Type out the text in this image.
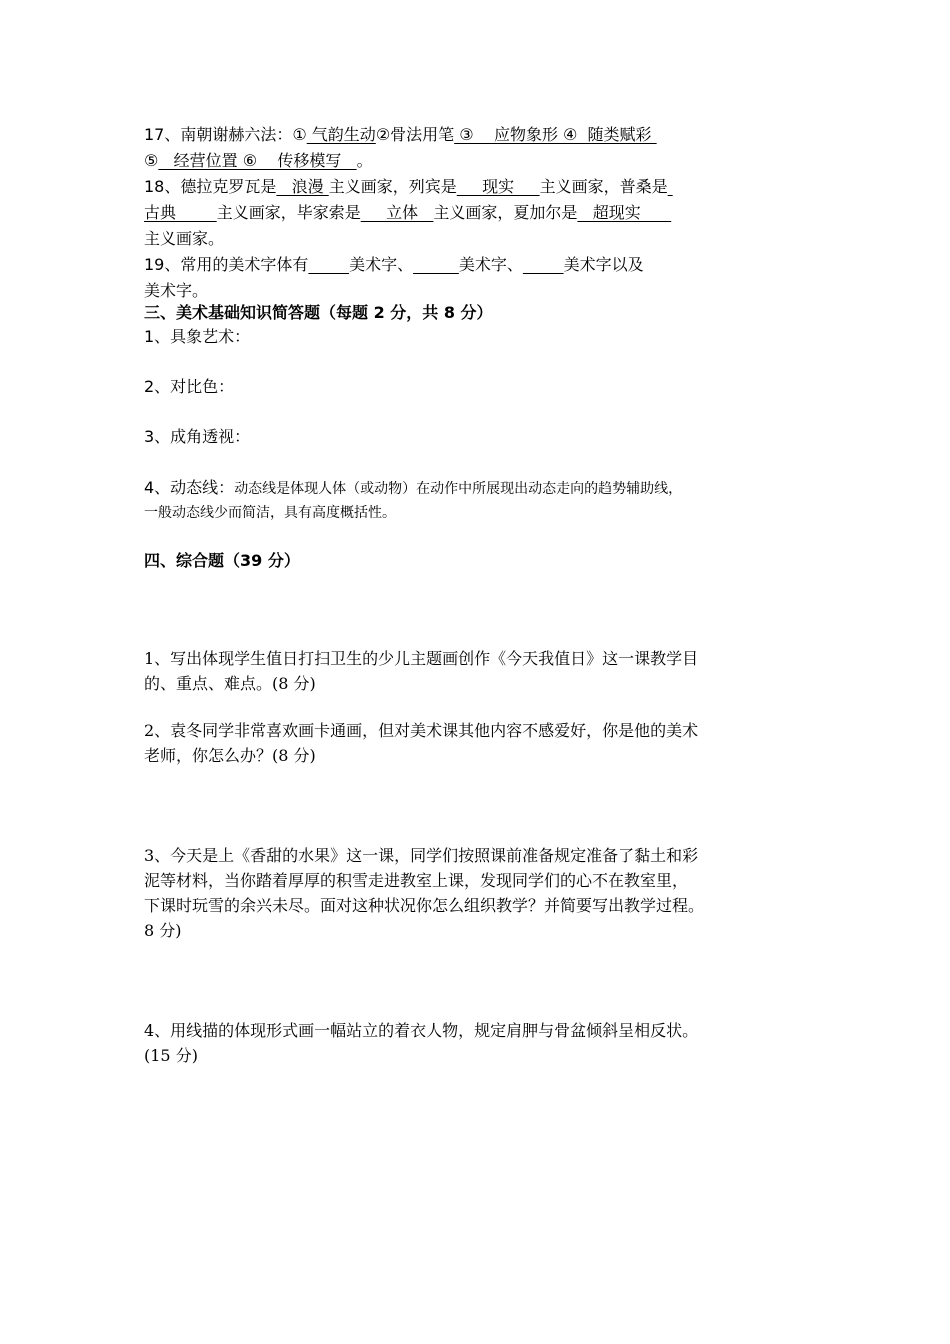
17、南朝谢赫六法：① 气韵生动②骨法用笔 ③    应物象形 ④  随类赋彩
⑤   经营位置 ⑥    传移模写   。
18、德拉克罗瓦是   浪漫 主义画家，列宾是     现实     主义画家，普桑是
古典        主义画家，毕家索是     立体   主义画家，夏加尔是   超现实
主义画家。
19、常用的美术字体有	美术字、	美术字、	美术字以及
美术字。
三、美术基础知识简答题（每题 2 分，共 8 分）
1、具象艺术：
2、对比色：
3、成角透视：
4、动态线：动态线是体现人体（或动物）在动作中所展现出动态走向的趋势辅助线，
一般动态线少而简洁，具有高度概括性。
四、综合题（39 分）
1、写出体现学生值日打扫卫生的少儿主题画创作《今天我值日》这一课教学目
的、重点、难点。(8 分)
2、袁冬同学非常喜欢画卡通画，但对美术课其他内容不感爱好，你是他的美术
老师，你怎么办？(8 分)
3、今天是上《香甜的水果》这一课，同学们按照课前准备规定准备了黏土和彩
泥等材料，当你踏着厚厚的积雪走进教室上课，发现同学们的心不在教室里，
下课时玩雪的余兴未尽。面对这种状况你怎么组织教学？并简要写出教学过程。
8 分)
4、用线描的体现形式画一幅站立的着衣人物，规定肩胛与骨盆倾斜呈相反状。
(15 分)
